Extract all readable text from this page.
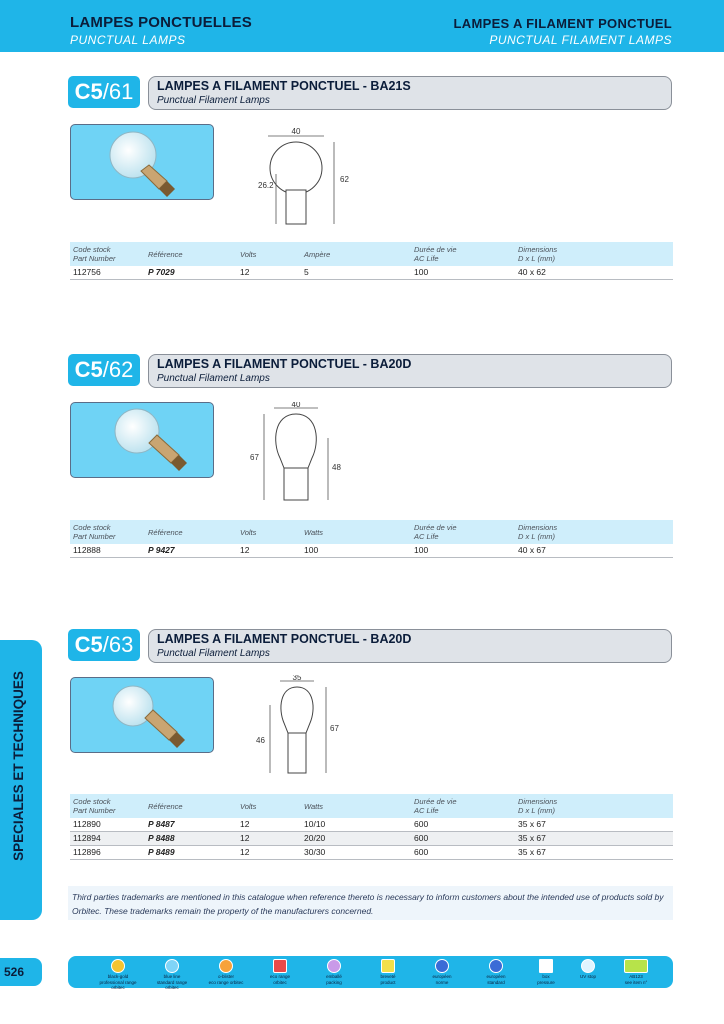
LAMPES PONCTUELLES
PUNCTUAL LAMPS
LAMPES A FILAMENT PONCTUEL
PUNCTUAL FILAMENT LAMPS
C5/61	LAMPES A FILAMENT PONCTUEL - BA21S
Punctual Filament Lamps
40
62
26.2
Code stock
Part Number	Référence	Volts	Ampère
Durée de vie
AC Life
Dimensions
D x L (mm)
112756	P 7029	12	5	100	40 x 62
C5/62	LAMPES A FILAMENT PONCTUEL - BA20D
Punctual Filament Lamps
40
67
48
Code stock
Part Number	Référence	Volts	Watts
Durée de vie
AC Life
Dimensions
D x L (mm)
112888	P 9427	12	100	100	40 x 67
C5/63	LAMPES A FILAMENT PONCTUEL - BA20D
Punctual Filament Lamps
35
46
67
Code stock
Part Number	Référence	Volts	Watts
Durée de vie
AC Life
Dimensions
D x L (mm)
112890	P 8487	12	10/10	600	35 x 67
112894	P 8488	12	20/20	600	35 x 67
112896	P 8489	12	30/30	600	35 x 67
Third parties trademarks are mentioned in this catalogue when reference thereto is necessary to inform customers about the intended use of products sold by Orbitec. These trademarks remain the property of the manufacturers concerned.
SPECIALES ET TECHNIQUES	SPECIAL LAMPS
526	black-gold
professional range orbitec
blue line
standard range orbitec
o-blister
eco range orbitec
eco range
orbitec
emballé
packing
breveté
product
européen
norme
européen
standard
box
pressure
UV stop	AB123
see item n°
